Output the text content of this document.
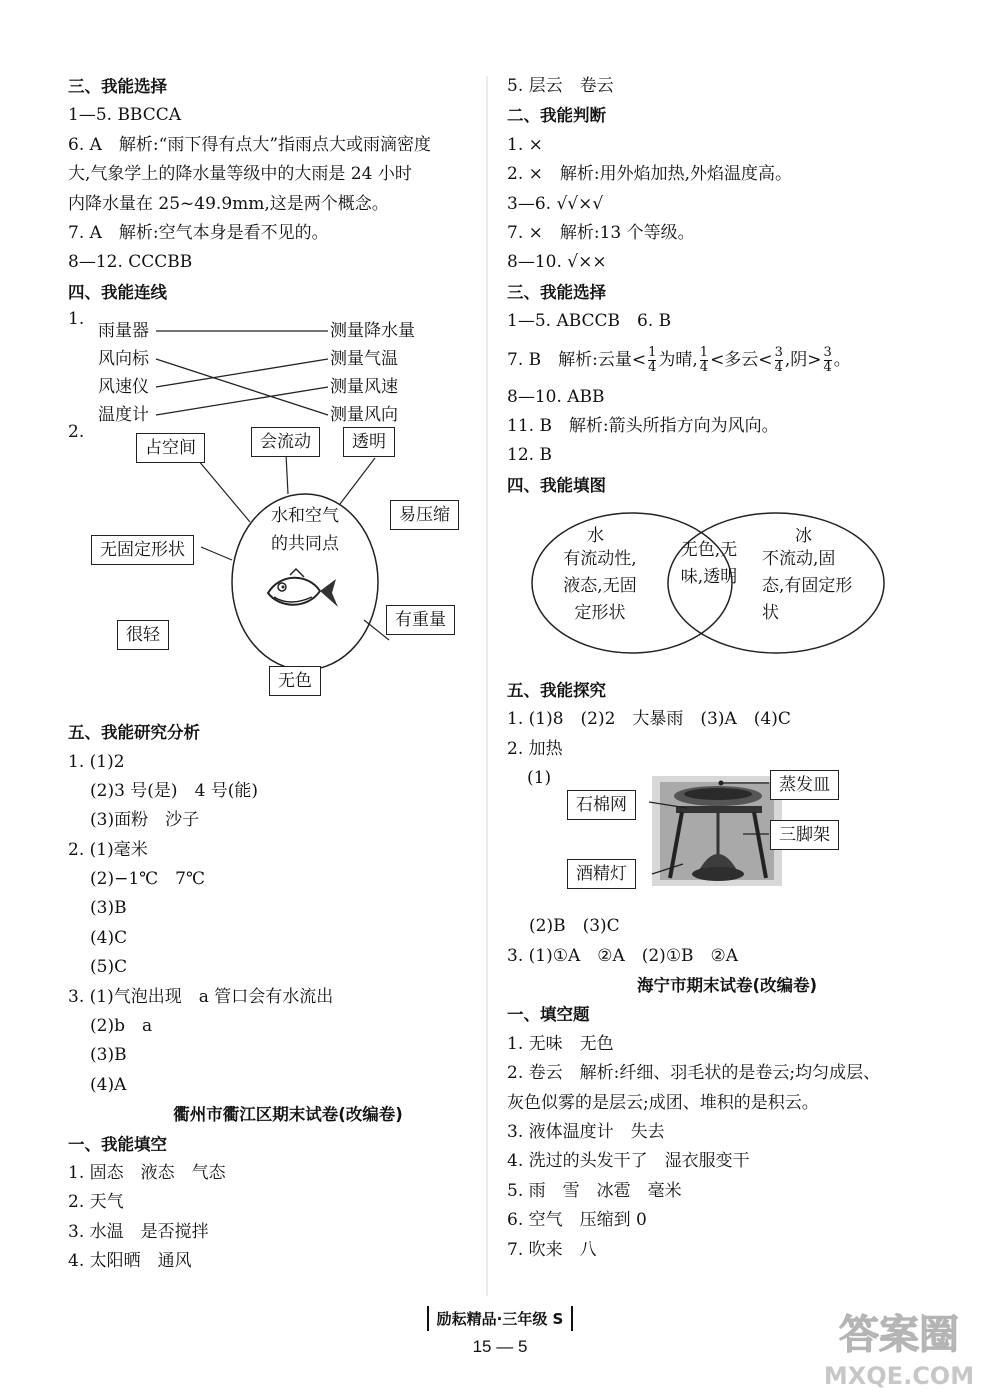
三、我能选择
1—5. BBCCA
6. A　解析:“雨下得有点大”指雨点大或雨滴密度
大,气象学上的降水量等级中的大雨是 24 小时
内降水量在 25~49.9mm,这是两个概念。
7. A　解析:空气本身是看不见的。
8—12. CCCBB
四、我能连线
1.
雨量器
风向标
风速仪
温度计
测量降水量
测量气温
测量风速
测量风向
2.
水和空气
的共同点
占空间	会流动	透明
易压缩
无固定形状
很轻
有重量
无色
五、我能研究分析
1. (1)2
(2)3 号(是)　4 号(能)
(3)面粉　沙子
2. (1)毫米
(2)−1℃　7℃
(3)B
(4)C
(5)C
3. (1)气泡出现　a 管口会有水流出
(2)b　a
(3)B
(4)A
衢州市衢江区期末试卷(改编卷)
一、我能填空
1. 固态　液态　气态
2. 天气
3. 水温　是否搅拌
4. 太阳晒　通风
5. 层云　卷云
二、我能判断
1. ×
2. ×　解析:用外焰加热,外焰温度高。
3—6. √√×√
7. ×　解析:13 个等级。
8—10. √××
三、我能选择
1—5. ABCCB　6. B
7. B　解析:云量< $\frac{1}{4}$ 为晴, $\frac{1}{4}$ <多云< $\frac{3}{4}$ ,阴> $\frac{3}{4}$ 。
8—10. ABB
11. B　解析:箭头所指方向为风向。
12. B
四、我能填图
水
有流动性,
液态,无固
定形状
无色,无
味,透明
冰
不流动,固
态,有固定形
状
五、我能探究
1. (1)8　(2)2　大暴雨　(3)A　(4)C
2. 加热
(1)	蒸发皿
石棉网
三脚架
酒精灯
(2)B　(3)C
3. (1)①A　②A　(2)①B　②A
海宁市期末试卷(改编卷)
一、填空题
1. 无味　无色
2. 卷云　解析:纤细、羽毛状的是卷云;均匀成层、
灰色似雾的是层云;成团、堆积的是积云。
3. 液体温度计　失去
4. 洗过的头发干了　湿衣服变干
5. 雨　雪　冰雹　毫米
6. 空气　压缩到 0
7. 吹来　八
励耘精品·三年级 S
15 — 5	答案圈
MXQE.COM
